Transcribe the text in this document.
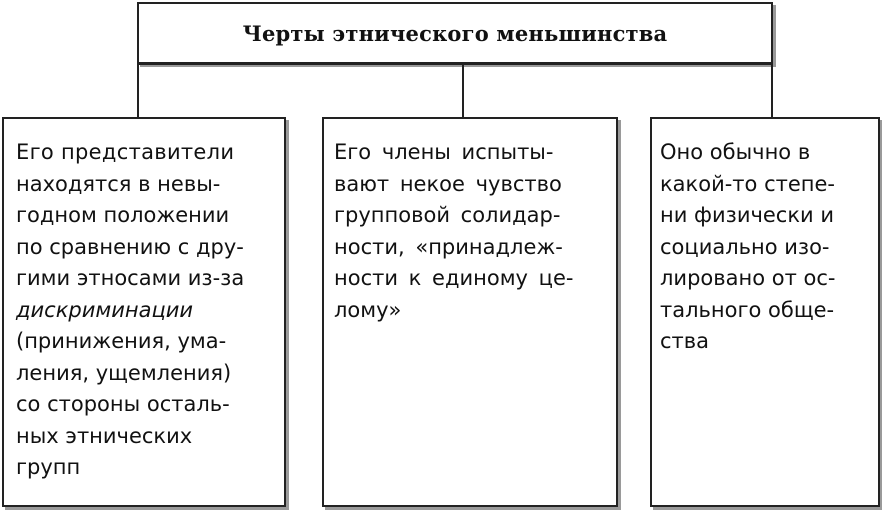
Черты этнического меньшинства
Его представители
находятся в невы-
годном положении
по сравнению с дру-
гими этносами из-за
дискриминации
(принижения, ума-
ления, ущемления)
со стороны осталь-
ных этнических
групп
Его члены испыты-
вают некое чувство
групповой солидар-
ности, «принадлеж-
ности к единому це-
лому»
Оно обычно в
какой-то степе-
ни физически и
социально изо-
лировано от ос-
тального обще-
ства
